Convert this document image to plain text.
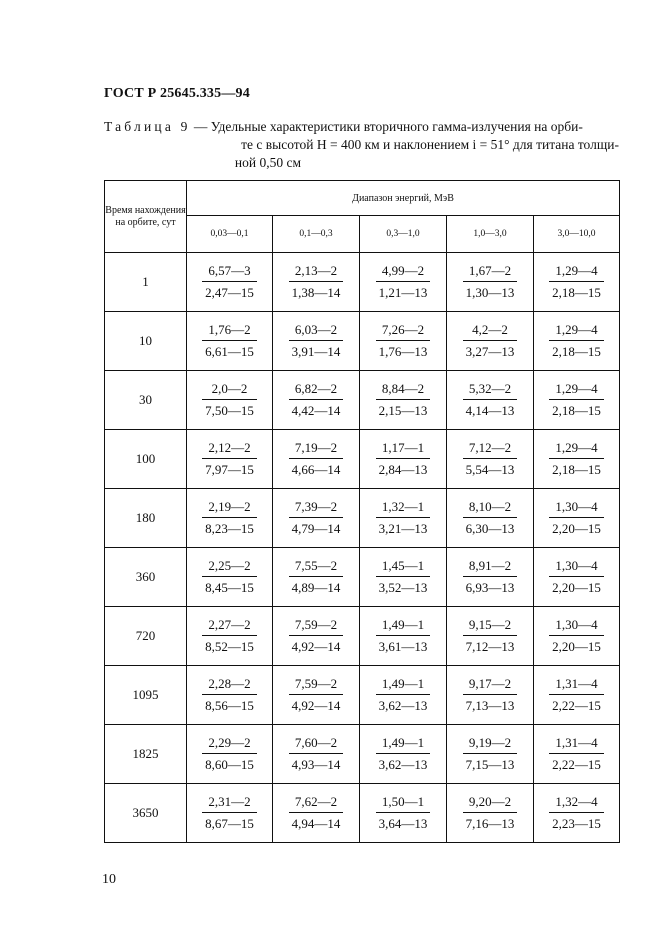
ГОСТ Р 25645.335—94
Таблица 9 — Удельные характеристики вторичного гамма-излучения на орби-
те с высотой H = 400 км и наклонением i = 51° для титана толщи-
ной 0,50 см
Время нахождения на орбите, сут	Диапазон энергий, МэВ				
	0,03—0,1	0,1—0,3	0,3—1,0	1,0—3,0	3,0—10,0
1	$\frac{6,57—3}{2,47—15}$	$\frac{2,13—2}{1,38—14}$	$\frac{4,99—2}{1,21—13}$	$\frac{1,67—2}{1,30—13}$	$\frac{1,29—4}{2,18—15}$

10	$\frac{1,76—2}{6,61—15}$	$\frac{6,03—2}{3,91—14}$	$\frac{7,26—2}{1,76—13}$	$\frac{4,2—2}{3,27—13}$	$\frac{1,29—4}{2,18—15}$

30	$\frac{2,0—2}{7,50—15}$	$\frac{6,82—2}{4,42—14}$	$\frac{8,84—2}{2,15—13}$	$\frac{5,32—2}{4,14—13}$	$\frac{1,29—4}{2,18—15}$

100	$\frac{2,12—2}{7,97—15}$	$\frac{7,19—2}{4,66—14}$	$\frac{1,17—1}{2,84—13}$	$\frac{7,12—2}{5,54—13}$	$\frac{1,29—4}{2,18—15}$

180	$\frac{2,19—2}{8,23—15}$	$\frac{7,39—2}{4,79—14}$	$\frac{1,32—1}{3,21—13}$	$\frac{8,10—2}{6,30—13}$	$\frac{1,30—4}{2,20—15}$

360	$\frac{2,25—2}{8,45—15}$	$\frac{7,55—2}{4,89—14}$	$\frac{1,45—1}{3,52—13}$	$\frac{8,91—2}{6,93—13}$	$\frac{1,30—4}{2,20—15}$

720	$\frac{2,27—2}{8,52—15}$	$\frac{7,59—2}{4,92—14}$	$\frac{1,49—1}{3,61—13}$	$\frac{9,15—2}{7,12—13}$	$\frac{1,30—4}{2,20—15}$

1095	$\frac{2,28—2}{8,56—15}$	$\frac{7,59—2}{4,92—14}$	$\frac{1,49—1}{3,62—13}$	$\frac{9,17—2}{7,13—13}$	$\frac{1,31—4}{2,22—15}$

1825	$\frac{2,29—2}{8,60—15}$	$\frac{7,60—2}{4,93—14}$	$\frac{1,49—1}{3,62—13}$	$\frac{9,19—2}{7,15—13}$	$\frac{1,31—4}{2,22—15}$

3650	$\frac{2,31—2}{8,67—15}$	$\frac{7,62—2}{4,94—14}$	$\frac{1,50—1}{3,64—13}$	$\frac{9,20—2}{7,16—13}$	$\frac{1,32—4}{2,23—15}$
10
